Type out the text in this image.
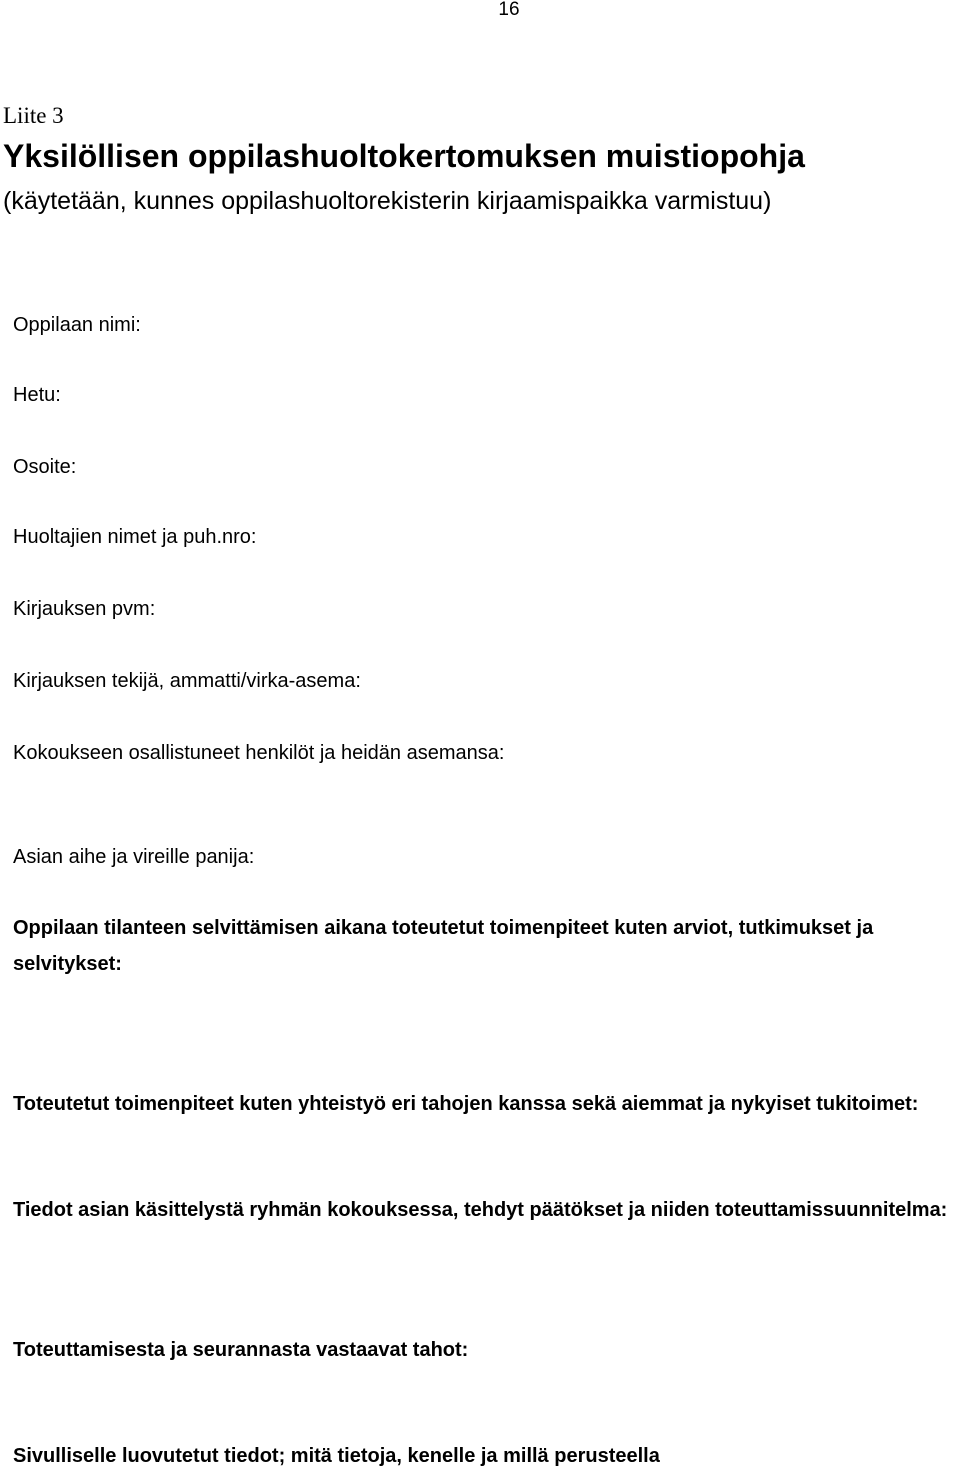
16
Liite 3
Yksilöllisen oppilashuoltokertomuksen muistiopohja
(käytetään, kunnes oppilashuoltorekisterin kirjaamispaikka varmistuu)
Oppilaan nimi:
Hetu:
Osoite:
Huoltajien nimet ja puh.nro:
Kirjauksen pvm:
Kirjauksen tekijä, ammatti/virka-asema:
Kokoukseen osallistuneet henkilöt ja heidän asemansa:
Asian aihe ja vireille panija:
Oppilaan tilanteen selvittämisen aikana toteutetut toimenpiteet kuten arviot, tutkimukset ja selvitykset:
Toteutetut toimenpiteet kuten yhteistyö eri tahojen kanssa sekä aiemmat ja nykyiset tukitoimet:
Tiedot asian käsittelystä ryhmän kokouksessa, tehdyt päätökset ja niiden toteuttamissuunnitelma:
Toteuttamisesta ja seurannasta vastaavat tahot:
Sivulliselle luovutetut tiedot; mitä tietoja, kenelle ja millä perusteella
